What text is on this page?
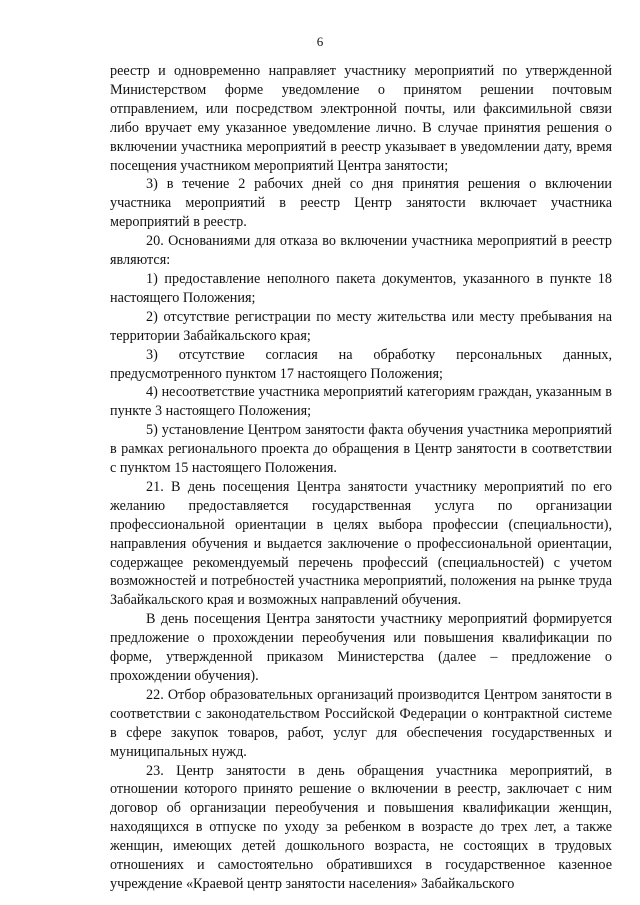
6

реестр и одновременно направляет участнику мероприятий по утвержденной Министерством форме уведомление о принятом решении почтовым отправлением, или посредством электронной почты, или факсимильной связи либо вручает ему указанное уведомление лично. В случае принятия решения о включении участника мероприятий в реестр указывает в уведомлении дату, время посещения участником мероприятий Центра занятости;

3) в течение 2 рабочих дней со дня принятия решения о включении участника мероприятий в реестр Центр занятости включает участника мероприятий в реестр.

20. Основаниями для отказа во включении участника мероприятий в реестр являются:

1) предоставление неполного пакета документов, указанного в пункте 18 настоящего Положения;

2) отсутствие регистрации по месту жительства или месту пребывания на территории Забайкальского края;

3) отсутствие согласия на обработку персональных данных, предусмотренного пунктом 17 настоящего Положения;

4) несоответствие участника мероприятий категориям граждан, указанным в пункте 3 настоящего Положения;

5) установление Центром занятости факта обучения участника мероприятий в рамках регионального проекта до обращения в Центр занятости в соответствии с пунктом 15 настоящего Положения.

21. В день посещения Центра занятости участнику мероприятий по его желанию предоставляется государственная услуга по организации профессиональной ориентации в целях выбора профессии (специальности), направления обучения и выдается заключение о профессиональной ориентации, содержащее рекомендуемый перечень профессий (специальностей) с учетом возможностей и потребностей участника мероприятий, положения на рынке труда Забайкальского края и возможных направлений обучения.

В день посещения Центра занятости участнику мероприятий формируется предложение о прохождении переобучения или повышения квалификации по форме, утвержденной приказом Министерства (далее – предложение о прохождении обучения).

22. Отбор образовательных организаций производится Центром занятости в соответствии с законодательством Российской Федерации о контрактной системе в сфере закупок товаров, работ, услуг для обеспечения государственных и муниципальных нужд.

23. Центр занятости в день обращения участника мероприятий, в отношении которого принято решение о включении в реестр, заключает с ним договор об организации переобучения и повышения квалификации женщин, находящихся в отпуске по уходу за ребенком в возрасте до трех лет, а также женщин, имеющих детей дошкольного возраста, не состоящих в трудовых отношениях и самостоятельно обратившихся в государственное казенное учреждение «Краевой центр занятости населения» Забайкальского
